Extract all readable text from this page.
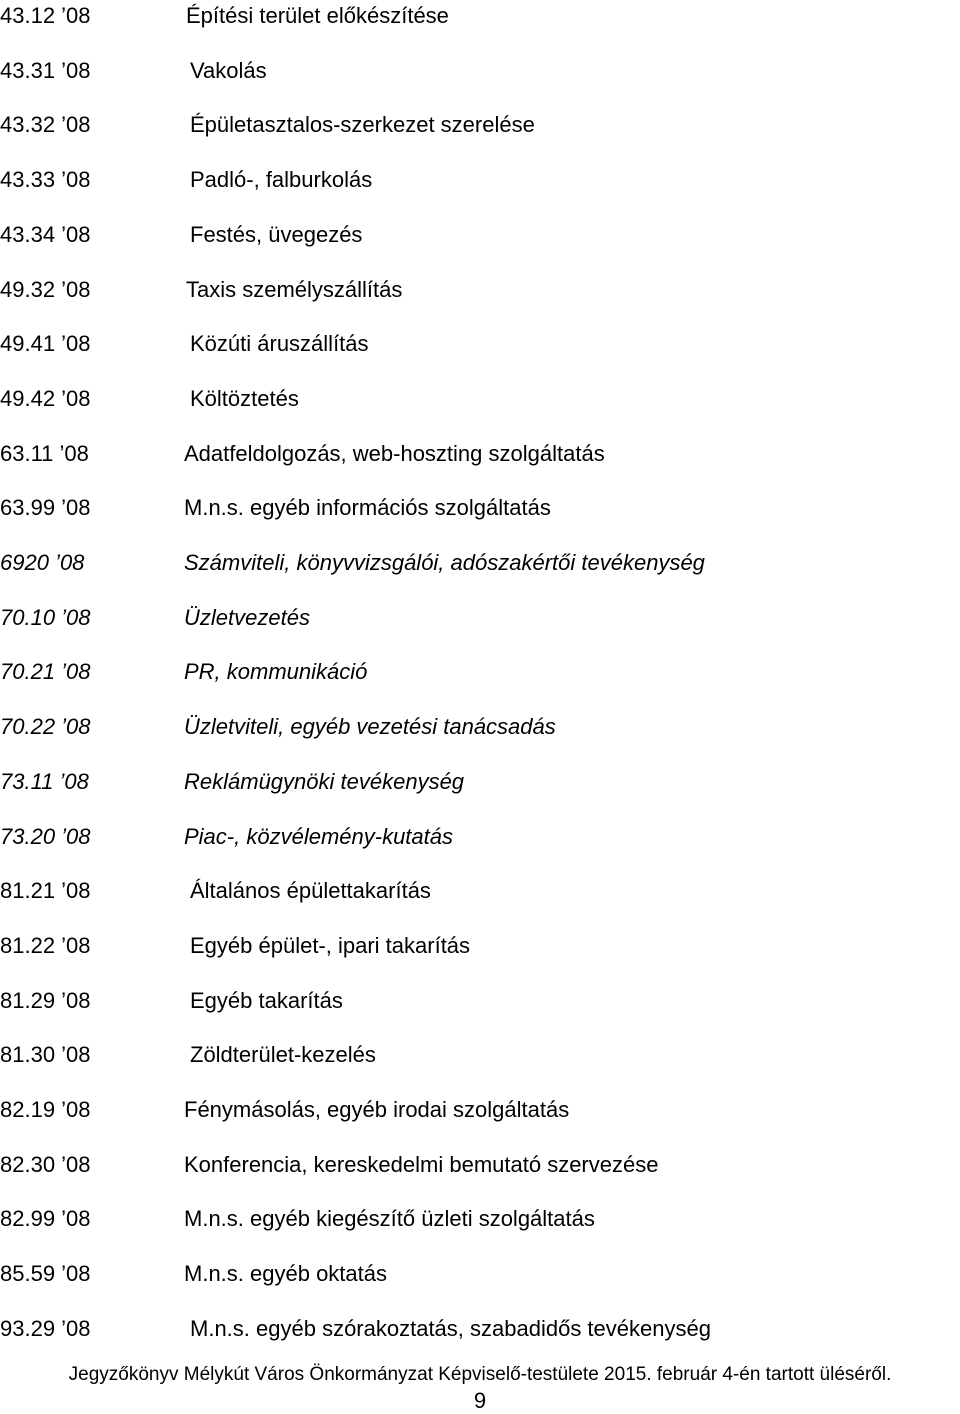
43.12 ’08	Építési terület előkészítése
43.31 ’08	Vakolás
43.32 ’08	Épületasztalos-szerkezet szerelése
43.33 ’08	Padló-, falburkolás
43.34 ’08	Festés, üvegezés
49.32 ’08	Taxis személyszállítás
49.41 ’08	Közúti áruszállítás
49.42 ’08	Költöztetés
63.11 ’08	Adatfeldolgozás, web-hoszting szolgáltatás
63.99 ’08	M.n.s. egyéb információs szolgáltatás
6920 ’08	Számviteli, könyvvizsgálói, adószakértői tevékenység
70.10 ’08	Üzletvezetés
70.21 ’08	PR, kommunikáció
70.22 ’08	Üzletviteli, egyéb vezetési tanácsadás
73.11 ’08	Reklámügynöki tevékenység
73.20 ’08	Piac-, közvélemény-kutatás
81.21 ’08	Általános épülettakarítás
81.22 ’08	Egyéb épület-, ipari takarítás
81.29 ’08	Egyéb takarítás
81.30 ’08	Zöldterület-kezelés
82.19 ’08	Fénymásolás, egyéb irodai szolgáltatás
82.30 ’08	Konferencia, kereskedelmi bemutató szervezése
82.99 ’08	M.n.s. egyéb kiegészítő üzleti szolgáltatás
85.59 ’08	M.n.s. egyéb oktatás
93.29 ’08	M.n.s. egyéb szórakoztatás, szabadidős tevékenység
Jegyzőkönyv Mélykút Város Önkormányzat Képviselő-testülete 2015. február 4-én tartott üléséről.
9
